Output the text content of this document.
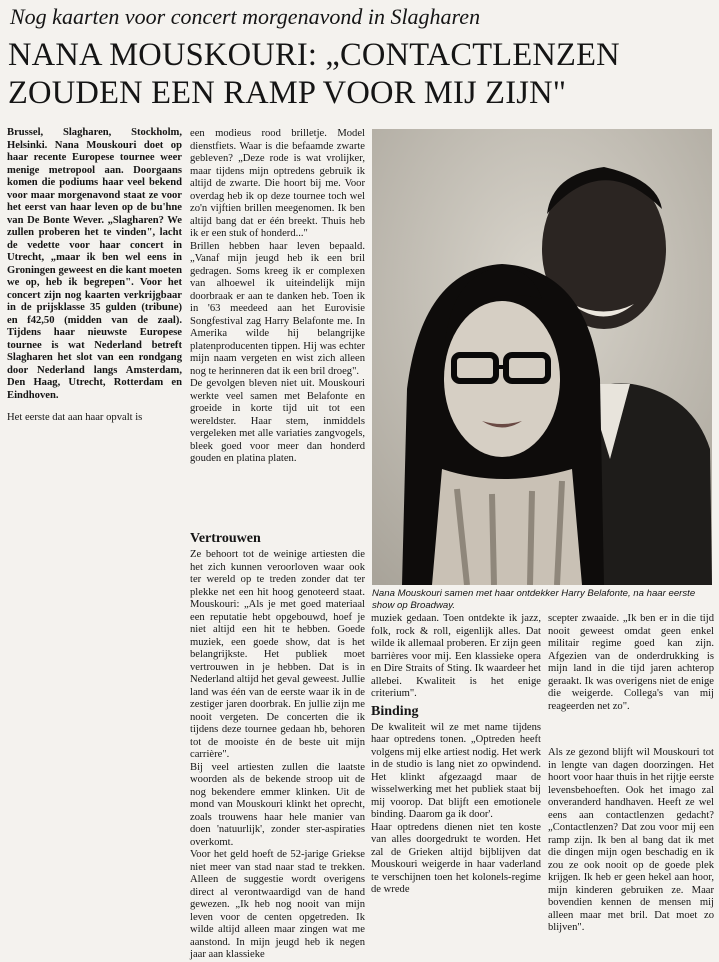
Nog kaarten voor concert morgenavond in Slagharen
NANA MOUSKOURI: „CONTACTLENZEN
ZOUDEN EEN RAMP VOOR MIJ ZIJN"

Brussel, Slagharen, Stockholm, Helsinki. Nana Mouskouri doet op haar recente Europese tournee weer menige metropool aan. Doorgaans komen die podiums haar veel bekend voor maar morgenavond staat ze voor het eerst van haar leven op de bu'hne van De Bonte Wever. „Slagharen? We zullen proberen het te vinden", lacht de vedette voor haar concert in Utrecht, „maar ik ben wel eens in Groningen geweest en die kant moeten we op, heb ik begrepen". Voor het concert zijn nog kaarten verkrijgbaar in de prijsklasse 35 gulden (tribune) en f42,50 (midden van de zaal). Tijdens haar nieuwste Europese tournee is wat Nederland betreft Slagharen het slot van een rondgang door Nederland langs Amsterdam, Den Haag, Utrecht, Rotterdam en Eindhoven.

Het eerste dat aan haar opvalt is

een modieus rood brilletje. Model dienstfiets. Waar is die befaamde zwarte gebleven? „Deze rode is wat vrolijker, maar tijdens mijn optredens gebruik ik altijd de zwarte. Die hoort bij me. Voor overdag heb ik op deze tournee toch wel zo'n vijftien brillen meegenomen. Ik ben altijd bang dat er één breekt. Thuis heb ik er een stuk of honderd..."

Brillen hebben haar leven bepaald. „Vanaf mijn jeugd heb ik een bril gedragen. Soms kreeg ik er complexen van alhoewel ik uiteindelijk mijn doorbraak er aan te danken heb. Toen ik in '63 meedeed aan het Eurovisie Songfestival zag Harry Belafonte me. In Amerika wilde hij belangrijke platenproducenten tippen. Hij was echter mijn naam vergeten en wist zich alleen nog te herinneren dat ik een bril droeg".

De gevolgen bleven niet uit. Mouskouri werkte veel samen met Belafonte en groeide in korte tijd uit tot een wereldster. Haar stem, inmiddels vergeleken met alle variaties zangvogels, bleek goed voor meer dan honderd gouden en platina platen.

Vertrouwen

Ze behoort tot de weinige artiesten die het zich kunnen veroorloven waar ook ter wereld op te treden zonder dat ter plekke net een hit hoog genoteerd staat. Mouskouri: „Als je met goed materiaal een reputatie hebt opgebouwd, hoef je niet altijd een hit te hebben. Goede muziek, een goede show, dat is het belangrijkste. Het publiek moet vertrouwen in je hebben. Dat is in Nederland altijd het geval geweest. Jullie land was één van de eerste waar ik in de zestiger jaren doorbrak. En jullie zijn me nooit vergeten. De concerten die ik tijdens deze tournee gedaan hb, behoren tot de mooiste én de beste uit mijn carrière".

Bij veel artiesten zullen die laatste woorden als de bekende stroop uit de nog bekendere emmer klinken. Uit de mond van Mouskouri klinkt het oprecht, zoals trouwens haar hele manier van doen 'natuurlijk', zonder ster-aspiraties overkomt.

Voor het geld hoeft de 52-jarige Griekse niet meer van stad naar stad te trekken. Alleen de suggestie wordt overigens direct al verontwaardigd van de hand gewezen. „Ik heb nog nooit van mijn leven voor de centen opgetreden. Ik wilde altijd alleen maar zingen wat me aanstond. In mijn jeugd heb ik negen jaar aan klassieke

Nana Mouskouri samen met haar ontdekker Harry Belafonte, na haar eerste show op Broadway.

muziek gedaan. Toen ontdekte ik jazz, folk, rock & roll, eigenlijk alles. Dat wilde ik allemaal proberen. Er zijn geen barrières voor mij. Een klassieke opera en Dire Straits of Sting. Ik waardeer het allebei. Kwaliteit is het enige criterium".

Binding

De kwaliteit wil ze met name tijdens haar optredens tonen. „Optreden heeft volgens mij elke artiest nodig. Het werk in de studio is lang niet zo opwindend. Het klinkt afgezaagd maar de wisselwerking met het publiek staat bij mij voorop. Dat blijft een emotionele binding. Daarom ga ik door'.

Haar optredens dienen niet ten koste van alles doorgedrukt te worden. Het zal de Grieken altijd bijblijven dat Mouskouri weigerde in haar vaderland te verschijnen toen het kolonels-regime de wrede

scepter zwaaide. „Ik ben er in die tijd nooit geweest omdat geen enkel militair regime goed kan zijn. Afgezien van de onderdrukking is mijn land in die tijd jaren achterop geraakt. Ik was overigens niet de enige die weigerde. Collega's van mij reageerden net zo".

Als ze gezond blijft wil Mouskouri tot in lengte van dagen doorzingen. Het hoort voor haar thuis in het rijtje eerste levensbehoeften. Ook het imago zal onveranderd handhaven. Heeft ze wel eens aan contactlenzen gedacht? „Contactlenzen? Dat zou voor mij een ramp zijn. Ik ben al bang dat ik met die dingen mijn ogen beschadig en ik zou ze ook nooit op de goede plek krijgen. Ik heb er geen hekel aan hoor, mijn kinderen gebruiken ze. Maar bovendien kennen de mensen mij alleen maar met bril. Dat moet zo blijven".
